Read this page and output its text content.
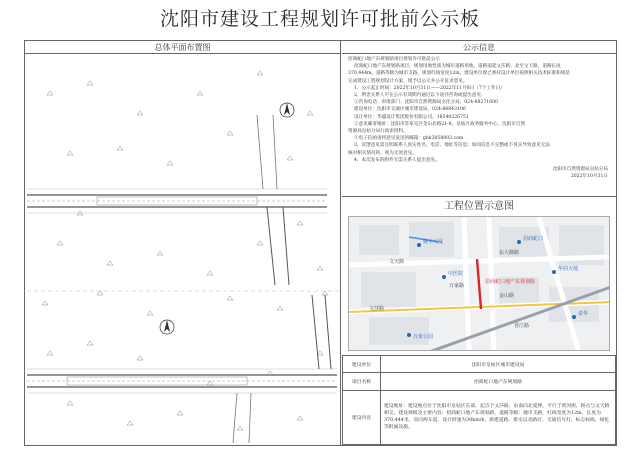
沈阳市建设工程规划许可批前公示板
总体平面布置图	公示信息

招商蛇口地产东规划路项目规划许可批前公示

招商蛇口地产东规划路项目，规划用地性质为城市道路用地。道路南起文莎路，北至文天路，道路长度

370.444m。道路等级为城市支路，规划红线宽度12m。建设单位现已委托设计单位按照相关技术标准和规范

完成建设工程规划设计方案。现予以公示并公开征求意见。

1、公示起止时间：2022年10月31日——2022年11月8日（7个工作日）

2、利害关系人可在公示有效期内通过以下途径咨询或提出意见：

①咨询电话：审批部门：沈阳市自然资源局文化分局，024-88271600

建设单位：沈阳市交通区城市建设局，024-86843106

设计单位：华盛设计集团股份有限公司，18540226751

②意见邮寄地址：沈阳市苏家屯区金山北路21-8，皇姑区政务服务中心，沈阳市自然

资源局皇姑分局行政审批科。

③电子信函请将意见发送到邮箱：ghk3058803.com

3、反馈意见需注明联系人真实姓名、电话、地址等信息；如同信息不完整或不真实导致意见无法

核对相关情况的，视为无效意见。

4、本次发布的附件无需关系人提出意见。

沈阳市自然资源局皇姑分局
2022年10月31日
工程位置示意图
文天路
东大御路
万家路
鼎丰大厦	招商蛇口
文莎路
华润天地
香江路
泰华
金山路
招商蛇口地产东规划路
万象公园
中医院
建设单位	沈阳市皇姑区城市建设局
项目名称	招商蛇口地产东规划路
建设内容	建设地址：建设地点位于沈阳市皇姑区东部，起点于文莎路，由南向北延伸，平行于黄河街，终点与文天路相交。建设规模及主要内容：招商蛇口地产东规划路，道路等级：城市支路，红线宽度为12m，长度为370.444米，双向两车道，设计时速为30km/h，新建道路、排水以及路灯、交通信号灯、标志标线、绿化等附属设施。
